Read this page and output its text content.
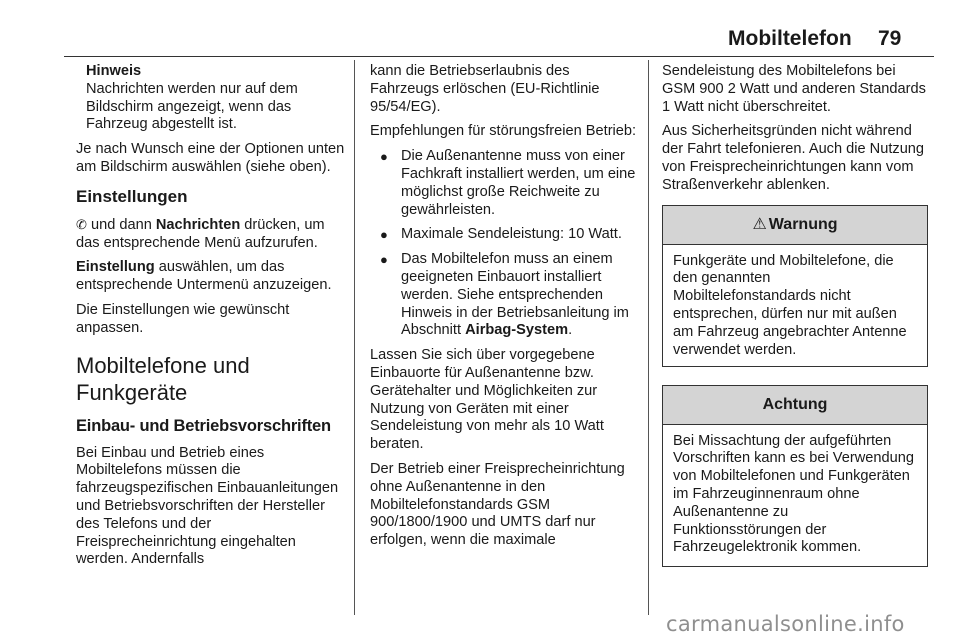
Mobiltelefon 79
Hinweis
Nachrichten werden nur auf dem Bildschirm angezeigt, wenn das Fahrzeug abgestellt ist.

Je nach Wunsch eine der Optionen unten am Bildschirm auswählen (siehe oben).

Einstellungen

✆ und dann Nachrichten drücken, um das entsprechende Menü aufzurufen.

Einstellung auswählen, um das entsprechende Untermenü anzuzeigen.

Die Einstellungen wie gewünscht anpassen.

Mobiltelefone und Funkgeräte
Einbau- und Betriebsvorschriften

Bei Einbau und Betrieb eines Mobiltelefons müssen die fahrzeugspezifischen Einbauanleitungen und Betriebsvorschriften der Hersteller des Telefons und der Freisprecheinrichtung eingehalten werden. Andernfalls

kann die Betriebserlaubnis des Fahrzeugs erlöschen (EU-Richtlinie 95/54/EG).

Empfehlungen für störungsfreien Betrieb:

● Die Außenantenne muss von einer Fachkraft installiert werden, um eine möglichst große Reichweite zu gewährleisten.
● Maximale Sendeleistung: 10 Watt.
● Das Mobiltelefon muss an einem geeigneten Einbauort installiert werden. Siehe entsprechenden Hinweis in der Betriebsanleitung im Abschnitt Airbag-System.

Lassen Sie sich über vorgegebene Einbauorte für Außenantenne bzw. Gerätehalter und Möglichkeiten zur Nutzung von Geräten mit einer Sendeleistung von mehr als 10 Watt beraten.

Der Betrieb einer Freisprecheinrichtung ohne Außenantenne in den Mobiltelefonstandards GSM 900/1800/1900 und UMTS darf nur erfolgen, wenn die maximale

Sendeleistung des Mobiltelefons bei GSM 900 2 Watt und anderen Standards 1 Watt nicht überschreitet.

Aus Sicherheitsgründen nicht während der Fahrt telefonieren. Auch die Nutzung von Freisprecheinrichtungen kann vom Straßenverkehr ablenken.

⚠ Warnung
Funkgeräte und Mobiltelefone, die den genannten Mobiltelefonstandards nicht entsprechen, dürfen nur mit außen am Fahrzeug angebrachter Antenne verwendet werden.
Achtung
Bei Missachtung der aufgeführten Vorschriften kann es bei Verwendung von Mobiltelefonen und Funkgeräten im Fahrzeuginnenraum ohne Außenantenne zu Funktionsstörungen der Fahrzeugelektronik kommen.
carmanualsonline.info
